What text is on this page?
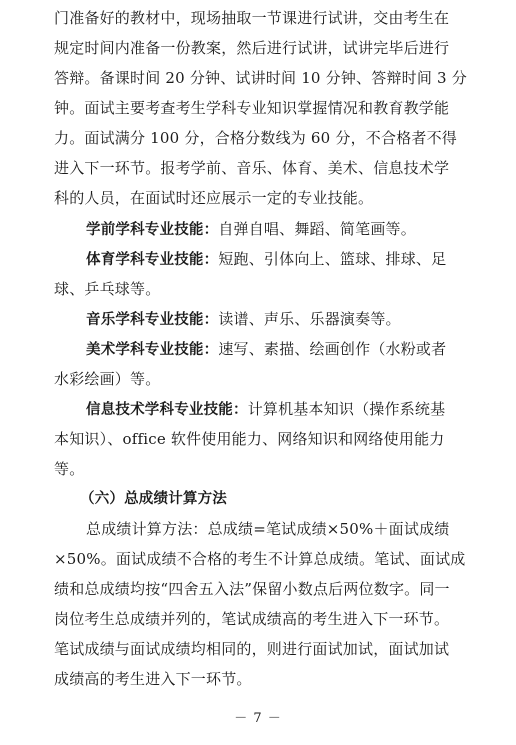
门准备好的教材中，现场抽取一节课进行试讲，交由考生在
规定时间内准备一份教案，然后进行试讲，试讲完毕后进行
答辩。备课时间 20 分钟、试讲时间 10 分钟、答辩时间 3 分
钟。面试主要考查考生学科专业知识掌握情况和教育教学能
力。面试满分 100 分，合格分数线为 60 分，不合格者不得
进入下一环节。报考学前、音乐、体育、美术、信息技术学
科的人员，在面试时还应展示一定的专业技能。
学前学科专业技能：自弹自唱、舞蹈、简笔画等。
体育学科专业技能：短跑、引体向上、篮球、排球、足
球、乒乓球等。
音乐学科专业技能：读谱、声乐、乐器演奏等。
美术学科专业技能：速写、素描、绘画创作（水粉或者
水彩绘画）等。
信息技术学科专业技能：计算机基本知识（操作系统基
本知识）、office 软件使用能力、网络知识和网络使用能力
等。
（六）总成绩计算方法
总成绩计算方法：总成绩=笔试成绩×50%＋面试成绩
×50%。面试成绩不合格的考生不计算总成绩。笔试、面试成
绩和总成绩均按“四舍五入法”保留小数点后两位数字。同一
岗位考生总成绩并列的，笔试成绩高的考生进入下一环节。
笔试成绩与面试成绩均相同的，则进行面试加试，面试加试
成绩高的考生进入下一环节。
－ 7 －
